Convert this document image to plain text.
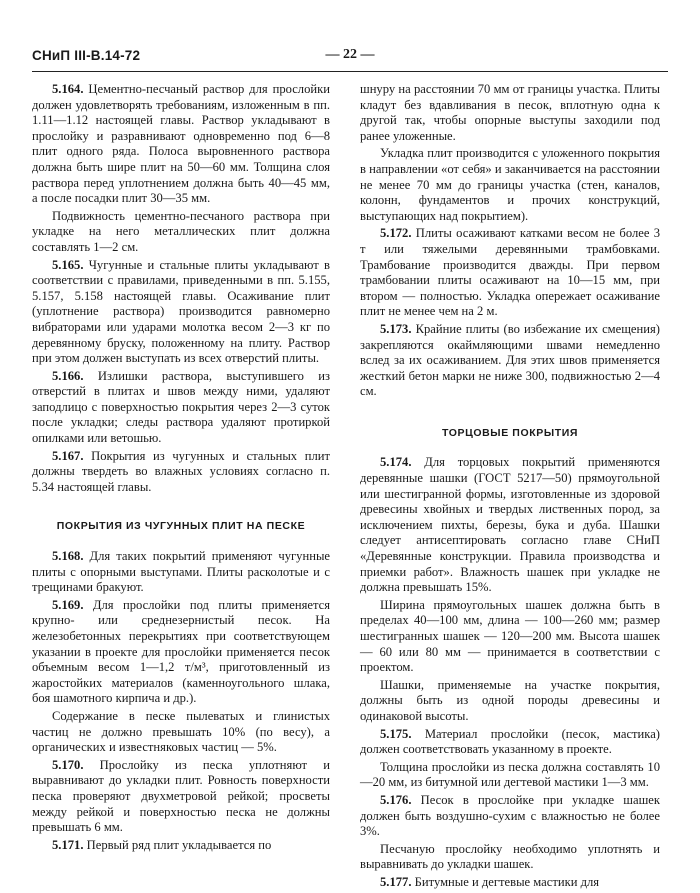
СНиП III-В.14-72	— 22 —

5.164. Цементно-песчаный раствор для прослойки должен удовлетворять требованиям, изложенным в пп. 1.11—1.12 настоящей главы. Раствор укладывают в прослойку и разравнивают одновременно под 6—8 плит одного ряда. Полоса выровненного раствора должна быть шире плит на 50—60 мм. Толщина слоя раствора перед уплотнением должна быть 40—45 мм, а после посадки плит 30—35 мм.

Подвижность цементно-песчаного раствора при укладке на него металлических плит должна составлять 1—2 см.

5.165. Чугунные и стальные плиты укладывают в соответствии с правилами, приведенными в пп. 5.155, 5.157, 5.158 настоящей главы. Осаживание плит (уплотнение раствора) производится равномерно вибраторами или ударами молотка весом 2—3 кг по деревянному бруску, положенному на плиту. Раствор при этом должен выступать из всех отверстий плиты.

5.166. Излишки раствора, выступившего из отверстий в плитах и швов между ними, удаляют заподлицо с поверхностью покрытия через 2—3 суток после укладки; следы раствора удаляют протиркой опилками или ветошью.

5.167. Покрытия из чугунных и стальных плит должны твердеть во влажных условиях согласно п. 5.34 настоящей главы.

ПОКРЫТИЯ ИЗ ЧУГУННЫХ ПЛИТ НА ПЕСКЕ

5.168. Для таких покрытий применяют чугунные плиты с опорными выступами. Плиты расколотые и с трещинами бракуют.

5.169. Для прослойки под плиты применяется крупно- или среднезернистый песок. На железобетонных перекрытиях при соответствующем указании в проекте для прослойки применяется песок объемным весом 1—1,2 т/м³, приготовленный из жаростойких материалов (каменноугольного шлака, боя шамотного кирпича и др.).

Содержание в песке пылеватых и глинистых частиц не должно превышать 10% (по весу), а органических и известняковых частиц — 5%.

5.170. Прослойку из песка уплотняют и выравнивают до укладки плит. Ровность поверхности песка проверяют двухметровой рейкой; просветы между рейкой и поверхностью песка не должны превышать 6 мм.

5.171. Первый ряд плит укладывается по

шнуру на расстоянии 70 мм от границы участка. Плиты кладут без вдавливания в песок, вплотную одна к другой так, чтобы опорные выступы заходили под ранее уложенные.

Укладка плит производится с уложенного покрытия в направлении «от себя» и заканчивается на расстоянии не менее 70 мм до границы участка (стен, каналов, колонн, фундаментов и прочих конструкций, выступающих над покрытием).

5.172. Плиты осаживают катками весом не более 3 т или тяжелыми деревянными трамбовками. Трамбование производится дважды. При первом трамбовании плиты осаживают на 10—15 мм, при втором — полностью. Укладка опережает осаживание плит не менее чем на 2 м.

5.173. Крайние плиты (во избежание их смещения) закрепляются окаймляющими швами немедленно вслед за их осаживанием. Для этих швов применяется жесткий бетон марки не ниже 300, подвижностью 2—4 см.

ТОРЦОВЫЕ ПОКРЫТИЯ

5.174. Для торцовых покрытий применяются деревянные шашки (ГОСТ 5217—50) прямоугольной или шестигранной формы, изготовленные из здоровой древесины хвойных и твердых лиственных пород, за исключением пихты, березы, бука и дуба. Шашки следует антисептировать согласно главе СНиП «Деревянные конструкции. Правила производства и приемки работ». Влажность шашек при укладке не должна превышать 15%.

Ширина прямоугольных шашек должна быть в пределах 40—100 мм, длина — 100—260 мм; размер шестигранных шашек — 120—200 мм. Высота шашек — 60 или 80 мм — принимается в соответствии с проектом.

Шашки, применяемые на участке покрытия, должны быть из одной породы древесины и одинаковой высоты.

5.175. Материал прослойки (песок, мастика) должен соответствовать указанному в проекте.

Толщина прослойки из песка должна составлять 10—20 мм, из битумной или дегтевой мастики 1—3 мм.

5.176. Песок в прослойке при укладке шашек должен быть воздушно-сухим с влажностью не более 3%.

Песчаную прослойку необходимо уплотнять и выравнивать до укладки шашек.

5.177. Битумные и дегтевые мастики для
